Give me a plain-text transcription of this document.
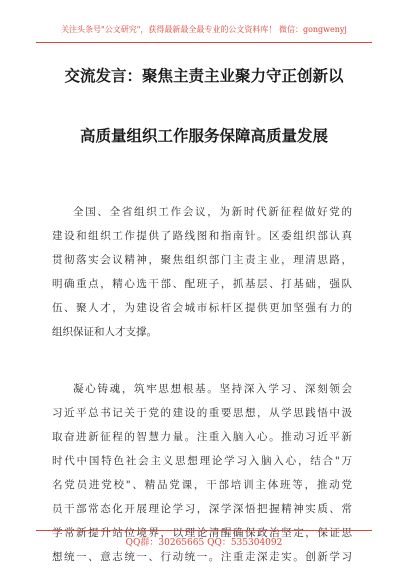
关注头条号"公文研究"，获得最新最全最专业的公文资料库！ 微信：gongwenyj
交流发言：聚焦主责主业聚力守正创新以
高质量组织工作服务保障高质量发展
全国、全省组织工作会议，为新时代新征程做好党的
建设和组织工作提供了路线图和指南针。区委组织部认真
贯彻落实会议精神，聚焦组织部门主责主业，理清思路，
明确重点，精心选干部、配班子，抓基层、打基础，强队
伍、聚人才，为建设省会城市标杆区提供更加坚强有力的
组织保证和人才支撑。
凝心铸魂，筑牢思想根基。坚持深入学习、深刻领会
习近平总书记关于党的建设的重要思想，从学思践悟中汲
取奋进新征程的智慧力量。注重入脑入心。推动习近平新
时代中国特色社会主义思想理论学习入脑入心，结合"万
名党员进党校"、精品党课，干部培训主体班等，推动党
员干部常态化开展理论学习，深学深悟把握精神实质、常
学常新提升站位境界，以理论清醒确保政治坚定，保证思
想统一、意志统一、行动统一。注重走深走实。创新学习
QQ群：30265665 QQ：535304092
